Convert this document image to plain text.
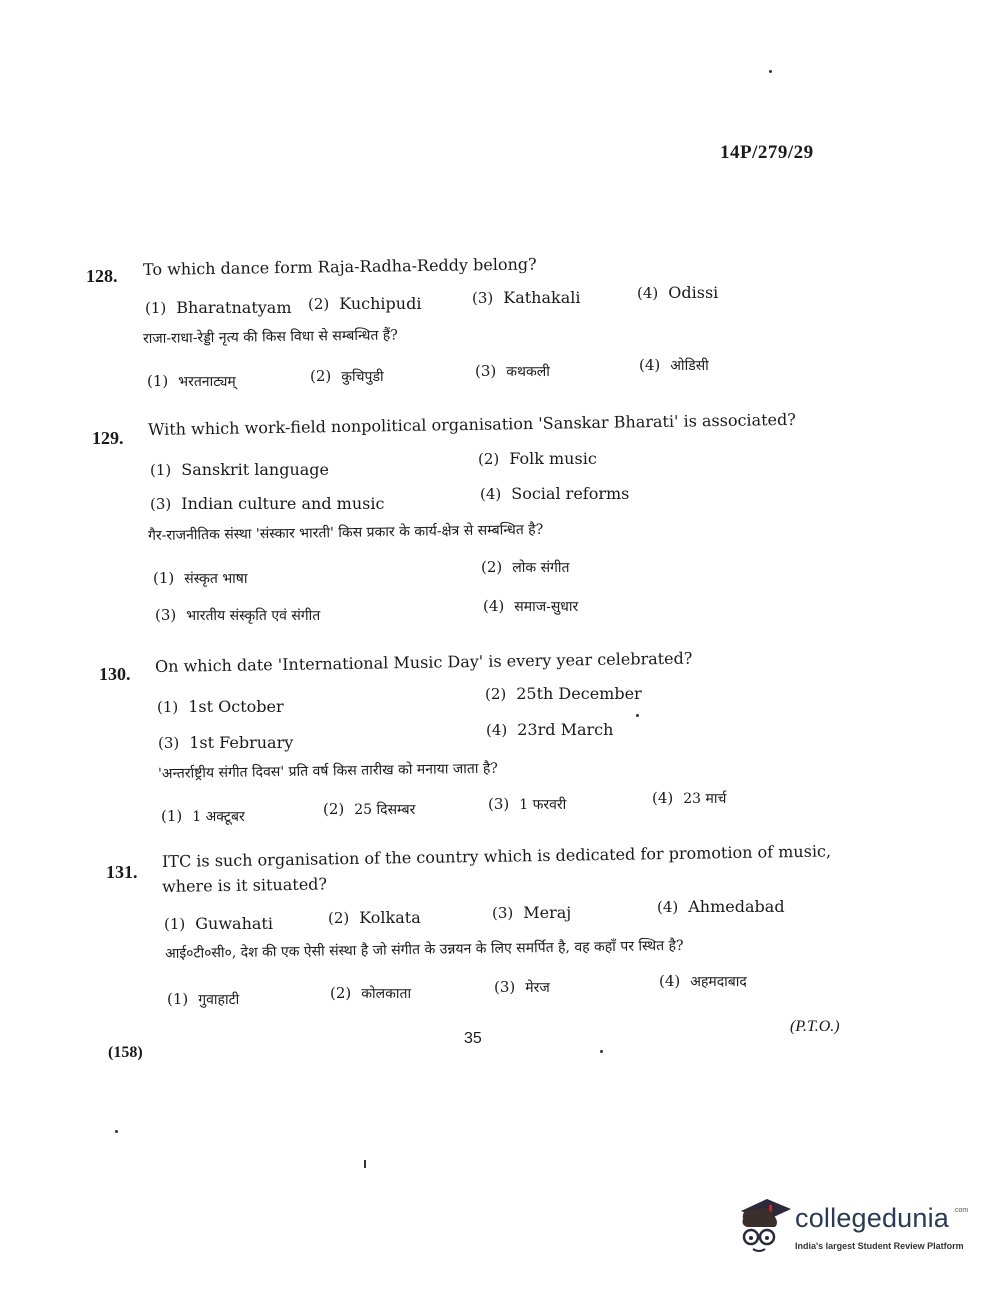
14P/279/29
128. To which dance form Raja-Radha-Reddy belong?
(1) Bharatnatyam (2) Kuchipudi	(3) Kathakali	(4) Odissi
राजा-राधा-रेड्डी नृत्य की किस विधा से सम्बन्धित हैं?
(1) भरतनाट्यम्	(2) कुचिपुडी	(3) कथकली	(4) ओडिसी
129. With which work-field nonpolitical organisation 'Sanskar Bharati' is associated?
(1) Sanskrit language
(2) Folk music
(3) Indian culture and music	(4) Social reforms
गैर-राजनीतिक संस्था 'संस्कार भारती' किस प्रकार के कार्य-क्षेत्र से सम्बन्धित है?
(1) संस्कृत भाषा
(2) लोक संगीत
(3) भारतीय संस्कृति एवं संगीत
(4) समाज-सुधार
130. On which date 'International Music Day' is every year celebrated?
(1) 1st October
(2) 25th December
(3) 1st February
(4) 23rd March
'अन्तर्राष्ट्रीय संगीत दिवस' प्रति वर्ष किस तारीख को मनाया जाता है?
(1) 1 अक्टूबर	(2) 25 दिसम्बर	(3) 1 फरवरी	(4) 23 मार्च
131.
ITC is such organisation of the country which is dedicated for promotion of music,
where is it situated?
(1) Guwahati	(2) Kolkata	(3) Meraj	(4) Ahmedabad
आई०टी०सी०, देश की एक ऐसी संस्था है जो संगीत के उन्नयन के लिए समर्पित है, वह कहाँ पर स्थित है?
(1) गुवाहाटी	(2) कोलकाता	(3) मेरज	(4) अहमदाबाद
35
(P.T.O.)
(158)
collegedunia .com
India's largest Student Review Platform
